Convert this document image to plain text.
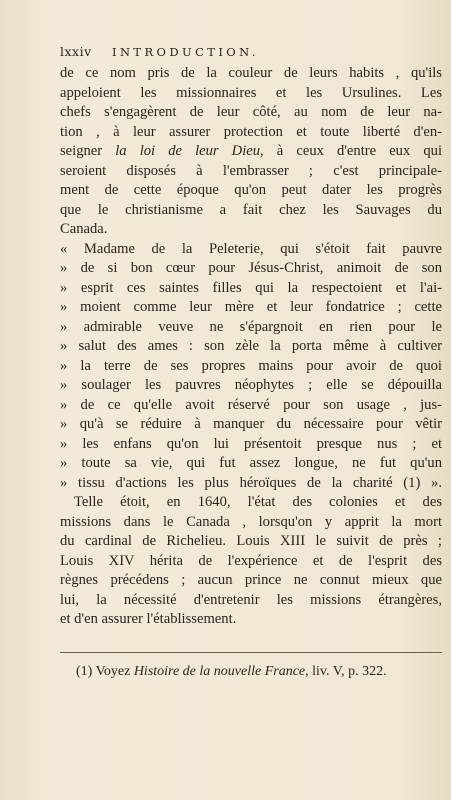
lxxiv	INTRODUCTION.
de ce nom pris de la couleur de leurs habits , qu'ils
appeloient les missionnaires et les Ursulines. Les
chefs s'engagèrent de leur côté, au nom de leur na-
tion , à leur assurer protection et toute liberté d'en-
seigner la loi de leur Dieu, à ceux d'entre eux qui
seroient disposés à l'embrasser ; c'est principale-
ment de cette époque qu'on peut dater les progrès
que le christianisme a fait chez les Sauvages du
Canada.
« Madame de la Peleterie, qui s'étoit fait pauvre
» de si bon cœur pour Jésus-Christ, animoit de son
» esprit ces saintes filles qui la respectoient et l'ai-
» moient comme leur mère et leur fondatrice ; cette
» admirable veuve ne s'épargnoit en rien pour le
» salut des ames : son zèle la porta même à cultiver
» la terre de ses propres mains pour avoir de quoi
» soulager les pauvres néophytes ; elle se dépouilla
» de ce qu'elle avoit réservé pour son usage , jus-
» qu'à se réduire à manquer du nécessaire pour vêtir
» les enfans qu'on lui présentoit presque nus ; et
» toute sa vie, qui fut assez longue, ne fut qu'un
» tissu d'actions les plus héroïques de la charité (1) ».
Telle étoit, en 1640, l'état des colonies et des
missions dans le Canada , lorsqu'on y apprit la mort
du cardinal de Richelieu. Louis XIII le suivit de près ;
Louis XIV hérita de l'expérience et de l'esprit des
règnes précédens ; aucun prince ne connut mieux que
lui, la nécessité d'entretenir les missions étrangères,
et d'en assurer l'établissement.
(1) Voyez Histoire de la nouvelle France, liv. V, p. 322.
